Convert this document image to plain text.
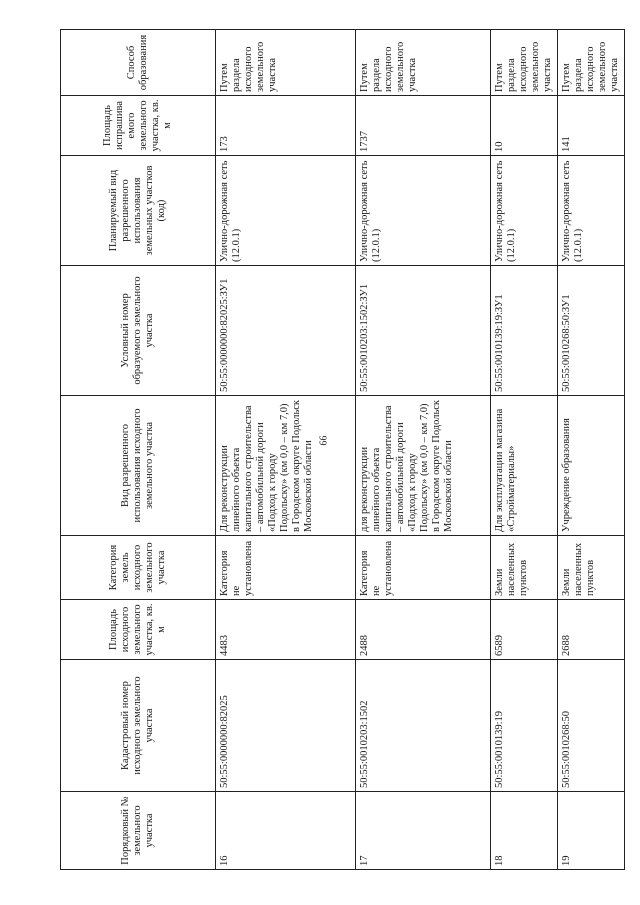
99
Порядковый № земельного участка	Кадастровый номер исходного земельного участка	Площадь исходного земельного участка, кв. м	Категория земель исходного земельного участка	Вид разрешенного использования исходного земельного участка	Условный номер образуемого земельного участка	Планируемый вид разрешенного использования земельных участков (код)	Площадь испрашиваемого земельного участка, кв. м	Способ образования
16	50:55:0000000:82025	4483	Категория не установлена	Для реконструкции линейного объекта капитального строительства – автомобильной дороги «Подход к городу Подольску» (км 0,0 – км 7,0) в Городском округе Подольск Московской области	50:55:0000000:82025:ЗУ1	Улично-дорожная сеть (12.0.1)	173	Путем раздела исходного земельного участка
17	50:55:0010203:1502	2488	Категория не установлена	для реконструкции линейного объекта капитального строительства – автомобильной дороги «Подход к городу Подольску» (км 0,0 – км 7,0) в Городском округе Подольск Московской области	50:55:0010203:1502:ЗУ1	Улично-дорожная сеть (12.0.1)	1737	Путем раздела исходного земельного участка
18	50:55:0010139:19	6589	Земли населенных пунктов	Для эксплуатации магазина «Стройматериалы»	50:55:0010139:19:ЗУ1	Улично-дорожная сеть (12.0.1)	10	Путем раздела исходного земельного участка
19	50:55:0010268:50	2688	Земли населенных пунктов	Учреждение образования	50:55:0010268:50:ЗУ1	Улично-дорожная сеть (12.0.1)	141	Путем раздела исходного земельного участка
